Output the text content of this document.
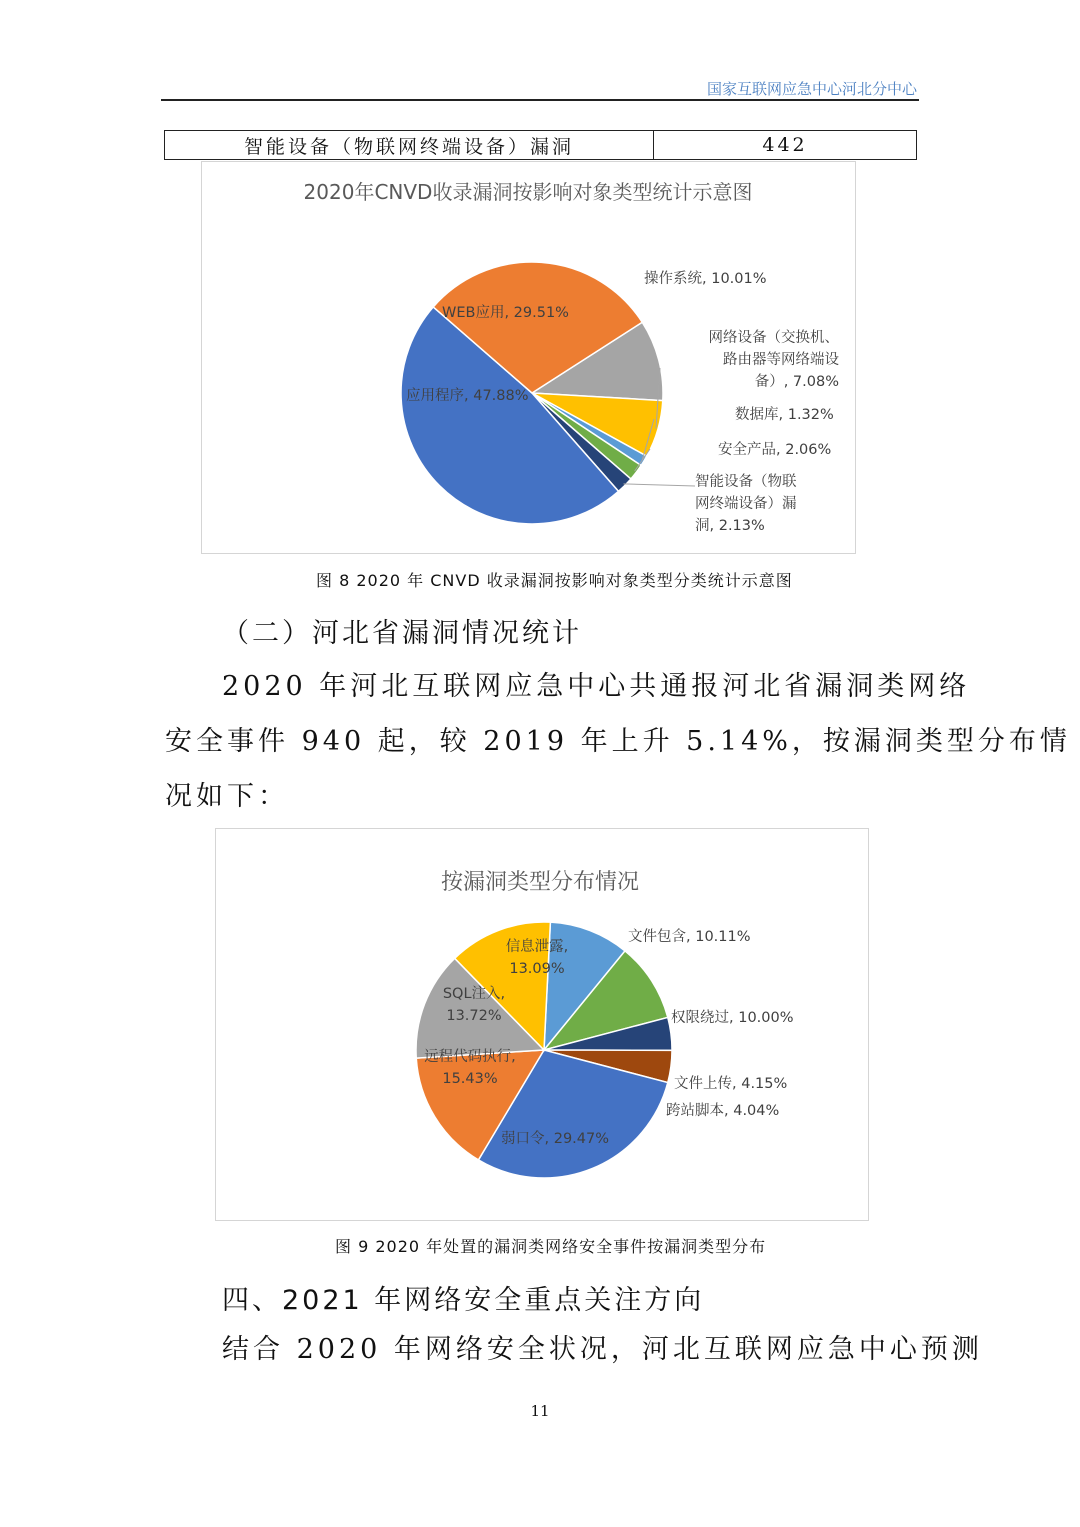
国家互联网应急中心河北分中心
智能设备（物联网终端设备）漏洞	442
2020年CNVD收录漏洞按影响对象类型统计示意图
操作系统, 10.01%
网络设备（交换机、路由器等网络端设备）, 7.08%
数据库, 1.32%
安全产品, 2.06%
智能设备（物联网终端设备）漏洞, 2.13%
应用程序, 47.88%
WEB应用, 29.51%
图 8 2020 年 CNVD 收录漏洞按影响对象类型分类统计示意图
（二）河北省漏洞情况统计
2020 年河北互联网应急中心共通报河北省漏洞类网络
安全事件 940 起，较 2019 年上升 5.14%，按漏洞类型分布情
况如下：
按漏洞类型分布情况
文件包含, 10.11%
权限绕过, 10.00%
文件上传, 4.15%
跨站脚本, 4.04%
弱口令, 29.47%
远程代码执行, 15.43%
SQL注入, 13.72%
信息泄露, 13.09%
图 9 2020 年处置的漏洞类网络安全事件按漏洞类型分布
四、2021 年网络安全重点关注方向
结合 2020 年网络安全状况，河北互联网应急中心预测
11
